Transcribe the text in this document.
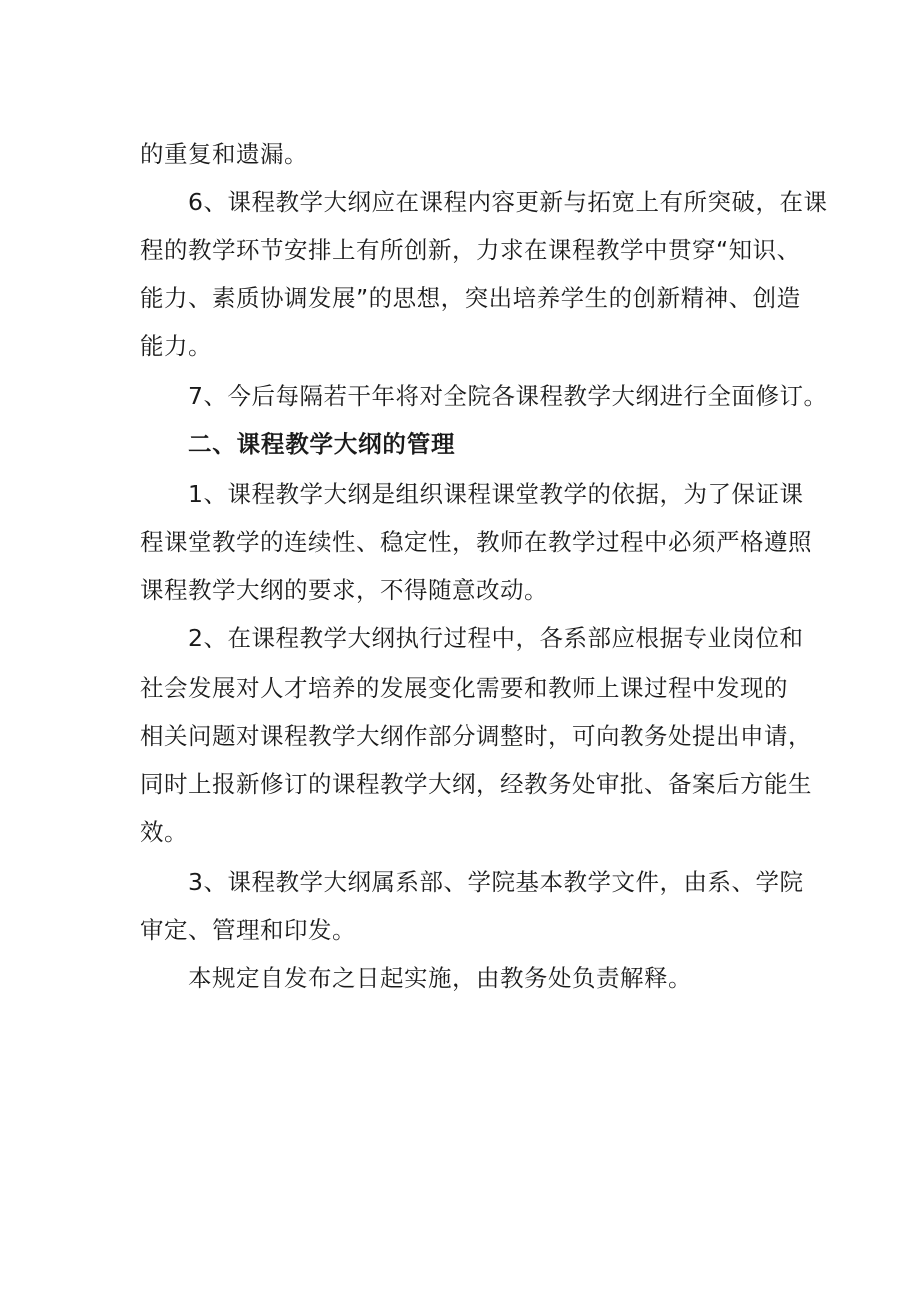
的重复和遗漏。
6、课程教学大纲应在课程内容更新与拓宽上有所突破，在课
程的教学环节安排上有所创新，力求在课程教学中贯穿“知识、
能力、素质协调发展”的思想，突出培养学生的创新精神、创造
能力。
7、今后每隔若干年将对全院各课程教学大纲进行全面修订。
二、课程教学大纲的管理
1、课程教学大纲是组织课程课堂教学的依据，为了保证课
程课堂教学的连续性、稳定性，教师在教学过程中必须严格遵照
课程教学大纲的要求，不得随意改动。
2、在课程教学大纲执行过程中，各系部应根据专业岗位和
社会发展对人才培养的发展变化需要和教师上课过程中发现的
相关问题对课程教学大纲作部分调整时，可向教务处提出申请，
同时上报新修订的课程教学大纲，经教务处审批、备案后方能生
效。
3、课程教学大纲属系部、学院基本教学文件，由系、学院
审定、管理和印发。
本规定自发布之日起实施，由教务处负责解释。
